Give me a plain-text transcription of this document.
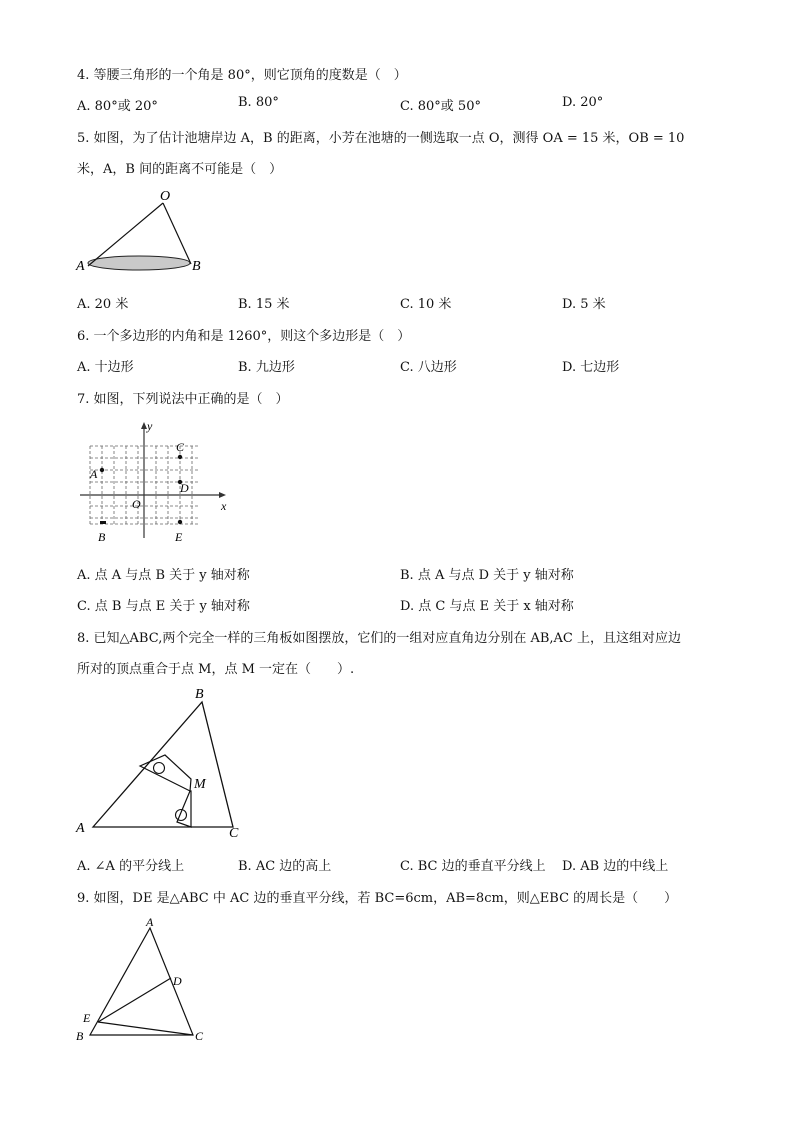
4. 等腰三角形的一个角是 80°，则它顶角的度数是（　）
A. 80°或 20°	B. 80°	C. 80°或 50°	D. 20°
5. 如图，为了估计池塘岸边 A，B 的距离，小芳在池塘的一侧选取一点 O，测得 OA = 15 米，OB = 10
米，A，B 间的距离不可能是（　）
O
A	B
A. 20 米	B. 15 米	C. 10 米	D. 5 米
6. 一个多边形的内角和是 1260°，则这个多边形是（　）
A. 十边形	B. 九边形	C. 八边形	D. 七边形
7. 如图，下列说法中正确的是（　）
y
x
C
A
D
O
B	E
A. 点 A 与点 B 关于 y 轴对称	B. 点 A 与点 D 关于 y 轴对称
C. 点 B 与点 E 关于 y 轴对称	D. 点 C 与点 E 关于 x 轴对称
8. 已知△ABC,两个完全一样的三角板如图摆放，它们的一组对应直角边分别在 AB,AC 上，且这组对应边
所对的顶点重合于点 M，点 M 一定在（　　）.
B
M
A	C
A. ∠A 的平分线上	B. AC 边的高上	C. BC 边的垂直平分线上 D. AB 边的中线上
9. 如图，DE 是△ABC 中 AC 边的垂直平分线，若 BC=6cm，AB=8cm，则△EBC 的周长是（　　）
A
D
E
B	C
